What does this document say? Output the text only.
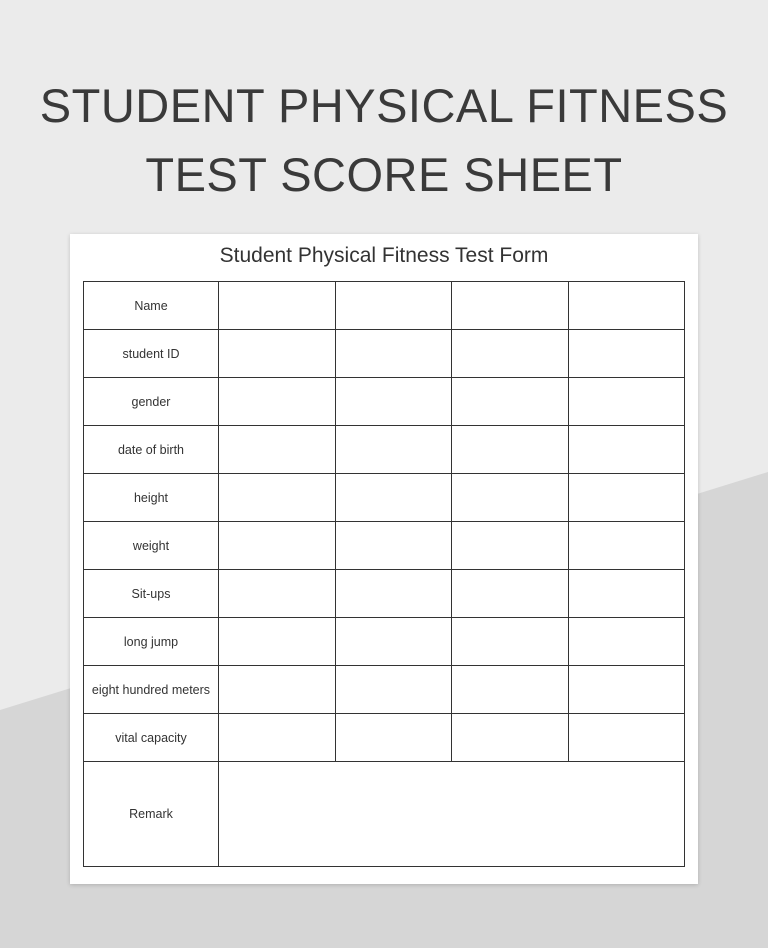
STUDENT PHYSICAL FITNESS
TEST SCORE SHEET
Student Physical Fitness Test Form
Name				
student ID				
gender				
date of birth				
height				
weight				
Sit-ups				
long jump				
eight hundred meters				
vital capacity				
Remark				
